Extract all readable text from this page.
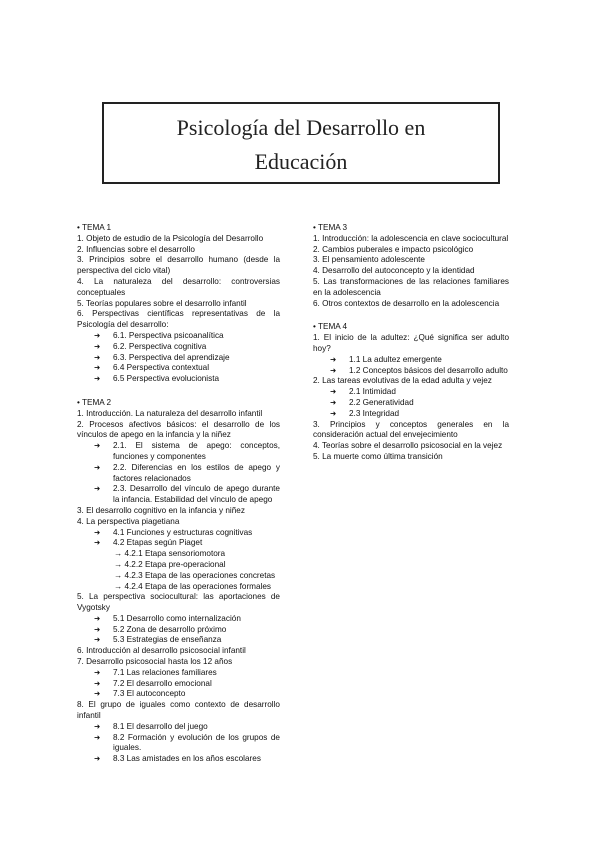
Psicología del Desarrollo en
Educación
• TEMA 1
1. Objeto de estudio de la Psicología del Desarrollo
2. Influencias sobre el desarrollo
3. Principios sobre el desarrollo humano (desde la perspectiva del ciclo vital)
4. La naturaleza del desarrollo: controversias conceptuales
5. Teorías populares sobre el desarrollo infantil
6. Perspectivas científicas representativas de la Psicología del desarrollo:
➜ 6.1. Perspectiva psicoanalítica
➜ 6.2. Perspectiva cognitiva
➜ 6.3. Perspectiva del aprendizaje
➜ 6.4 Perspectiva contextual
➜ 6.5 Perspectiva evolucionista
• TEMA 2
1. Introducción. La naturaleza del desarrollo infantil
2. Procesos afectivos básicos: el desarrollo de los vínculos de apego en la infancia y la niñez
➜ 2.1. El sistema de apego: conceptos, funciones y componentes
➜ 2.2. Diferencias en los estilos de apego y factores relacionados
➜ 2.3. Desarrollo del vínculo de apego durante la infancia. Estabilidad del vínculo de apego
3. El desarrollo cognitivo en la infancia y niñez
4. La perspectiva piagetiana
➜ 4.1 Funciones y estructuras cognitivas
➜ 4.2 Etapas según Piaget
→ 4.2.1 Etapa sensoriomotora
→ 4.2.2 Etapa pre-operacional
→ 4.2.3 Etapa de las operaciones concretas
→ 4.2.4 Etapa de las operaciones formales
5. La perspectiva sociocultural: las aportaciones de Vygotsky
➜ 5.1 Desarrollo como internalización
➜ 5.2 Zona de desarrollo próximo
➜ 5.3 Estrategias de enseñanza
6. Introducción al desarrollo psicosocial infantil
7. Desarrollo psicosocial hasta los 12 años
➜ 7.1 Las relaciones familiares
➜ 7.2 El desarrollo emocional
➜ 7.3 El autoconcepto
8. El grupo de iguales como contexto de desarrollo infantil
➜ 8.1 El desarrollo del juego
➜ 8.2 Formación y evolución de los grupos de iguales.
➜ 8.3 Las amistades en los años escolares
• TEMA 3
1. Introducción: la adolescencia en clave sociocultural
2. Cambios puberales e impacto psicológico
3. El pensamiento adolescente
4. Desarrollo del autoconcepto y la identidad
5. Las transformaciones de las relaciones familiares en la adolescencia
6. Otros contextos de desarrollo en la adolescencia
• TEMA 4
1. El inicio de la adultez: ¿Qué significa ser adulto hoy?
➜ 1.1 La adultez emergente
➜ 1.2 Conceptos básicos del desarrollo adulto
2. Las tareas evolutivas de la edad adulta y vejez
➜ 2.1 Intimidad
➜ 2.2 Generatividad
➜ 2.3 Integridad
3. Principios y conceptos generales en la consideración actual del envejecimiento
4. Teorías sobre el desarrollo psicosocial en la vejez
5. La muerte como última transición
